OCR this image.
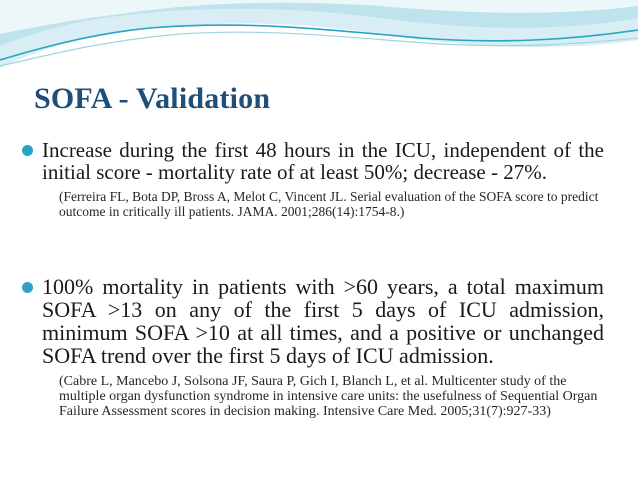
SOFA - Validation

Increase during the first 48 hours in the ICU, independent of the initial score - mortality rate of at least 50%; decrease - 27%.

(Ferreira FL, Bota DP, Bross A, Melot C, Vincent JL. Serial evaluation of the SOFA score to predict outcome in critically ill patients. JAMA. 2001;286(14):1754-8.)

100% mortality in patients with >60 years, a total maximum SOFA >13 on any of the first 5 days of ICU admission, minimum SOFA >10 at all times, and a positive or unchanged SOFA trend over the first 5 days of ICU admission.

(Cabre L, Mancebo J, Solsona JF, Saura P, Gich I, Blanch L, et al. Multicenter study of the multiple organ dysfunction syndrome in intensive care units: the usefulness of Sequential Organ Failure Assessment scores in decision making. Intensive Care Med. 2005;31(7):927-33)
